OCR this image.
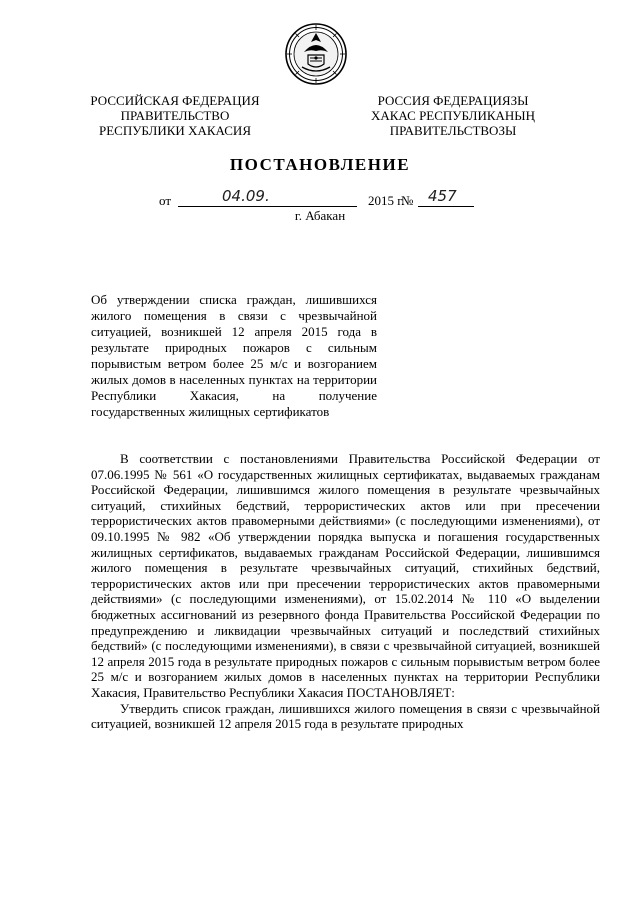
РОССИЙСКАЯ ФЕДЕРАЦИЯ
ПРАВИТЕЛЬСТВО
РЕСПУБЛИКИ ХАКАСИЯ
РОССИЯ ФЕДЕРАЦИЯЗЫ
ХАКАС РЕСПУБЛИКАНЫҢ
ПРАВИТЕЛЬСТВОЗЫ
ПОСТАНОВЛЕНИЕ
от	04.09.	2015 г.
№ 457
г. Абакан
Об утверждении списка граждан, лишившихся жилого помещения в связи с чрезвычайной ситуацией, возникшей 12 апреля 2015 года в результате природных пожаров с сильным порывистым ветром более 25 м/с и возгоранием жилых домов в населенных пунктах на территории Республики Хакасия, на получение государственных жилищных сертификатов

В соответствии с постановлениями Правительства Российской Федерации от 07.06.1995 № 561 «О государственных жилищных сертификатах, выдаваемых гражданам Российской Федерации, лишившимся жилого помещения в результате чрезвычайных ситуаций, стихийных бедствий, террористических актов или при пресечении террористических актов правомерными действиями» (с последующими изменениями), от 09.10.1995 № 982 «Об утверждении порядка выпуска и погашения государственных жилищных сертификатов, выдаваемых гражданам Российской Федерации, лишившимся жилого помещения в результате чрезвычайных ситуаций, стихийных бедствий, террористических актов или при пресечении террористических актов правомерными действиями» (с последующими изменениями), от 15.02.2014 № 110 «О выделении бюджетных ассигнований из резервного фонда Правительства Российской Федерации по предупреждению и ликвидации чрезвычайных ситуаций и последствий стихийных бедствий» (с последующими изменениями), в связи с чрезвычайной ситуацией, возникшей 12 апреля 2015 года в результате природных пожаров с сильным порывистым ветром более 25 м/с и возгоранием жилых домов в населенных пунктах на территории Республики Хакасия, Правительство Республики Хакасия ПОСТАНОВЛЯЕТ:

Утвердить список граждан, лишившихся жилого помещения в связи с чрезвычайной ситуацией, возникшей 12 апреля 2015 года в результате природных
